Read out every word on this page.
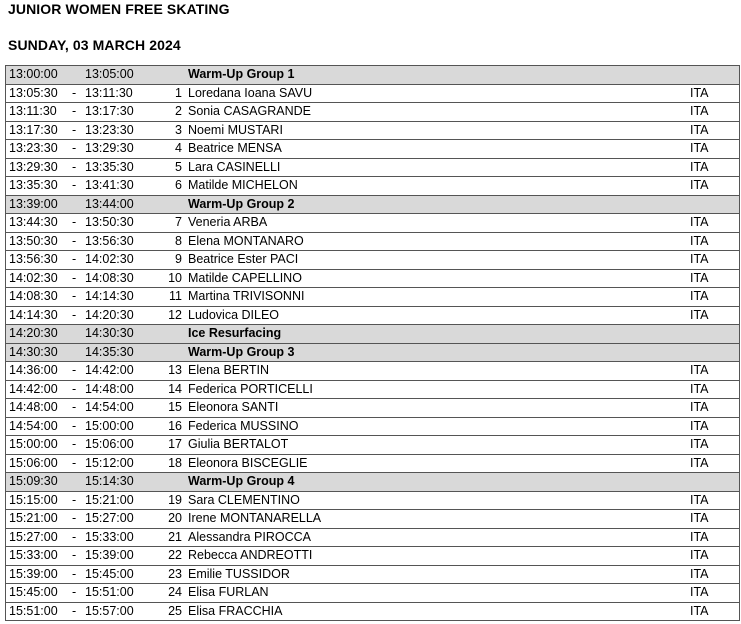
JUNIOR WOMEN FREE SKATING
SUNDAY, 03 MARCH 2024
13:00:00 13:05:00	Warm-Up Group 1
13:05:30 - 13:11:30	1 Loredana Ioana SAVU	ITA
13:11:30 - 13:17:30	2 Sonia CASAGRANDE	ITA
13:17:30 - 13:23:30	3 Noemi MUSTARI	ITA
13:23:30 - 13:29:30	4 Beatrice MENSA	ITA
13:29:30 - 13:35:30	5 Lara CASINELLI	ITA
13:35:30 - 13:41:30	6 Matilde MICHELON	ITA
13:39:00 13:44:00	Warm-Up Group 2
13:44:30 - 13:50:30	7 Veneria ARBA	ITA
13:50:30 - 13:56:30	8 Elena MONTANARO	ITA
13:56:30 - 14:02:30	9 Beatrice Ester PACI	ITA
14:02:30 - 14:08:30	10 Matilde CAPELLINO	ITA
14:08:30 - 14:14:30	11 Martina TRIVISONNI	ITA
14:14:30 - 14:20:30	12 Ludovica DILEO	ITA
14:20:30 14:30:30	Ice Resurfacing
14:30:30 14:35:30	Warm-Up Group 3
14:36:00 - 14:42:00	13 Elena BERTIN	ITA
14:42:00 - 14:48:00	14 Federica PORTICELLI	ITA
14:48:00 - 14:54:00	15 Eleonora SANTI	ITA
14:54:00 - 15:00:00	16 Federica MUSSINO	ITA
15:00:00 - 15:06:00	17 Giulia BERTALOT	ITA
15:06:00 - 15:12:00	18 Eleonora BISCEGLIE	ITA
15:09:30 15:14:30	Warm-Up Group 4
15:15:00 - 15:21:00	19 Sara CLEMENTINO	ITA
15:21:00 - 15:27:00	20 Irene MONTANARELLA	ITA
15:27:00 - 15:33:00	21 Alessandra PIROCCA	ITA
15:33:00 - 15:39:00	22 Rebecca ANDREOTTI	ITA
15:39:00 - 15:45:00	23 Emilie TUSSIDOR	ITA
15:45:00 - 15:51:00	24 Elisa FURLAN	ITA
15:51:00 - 15:57:00	25 Elisa FRACCHIA	ITA
